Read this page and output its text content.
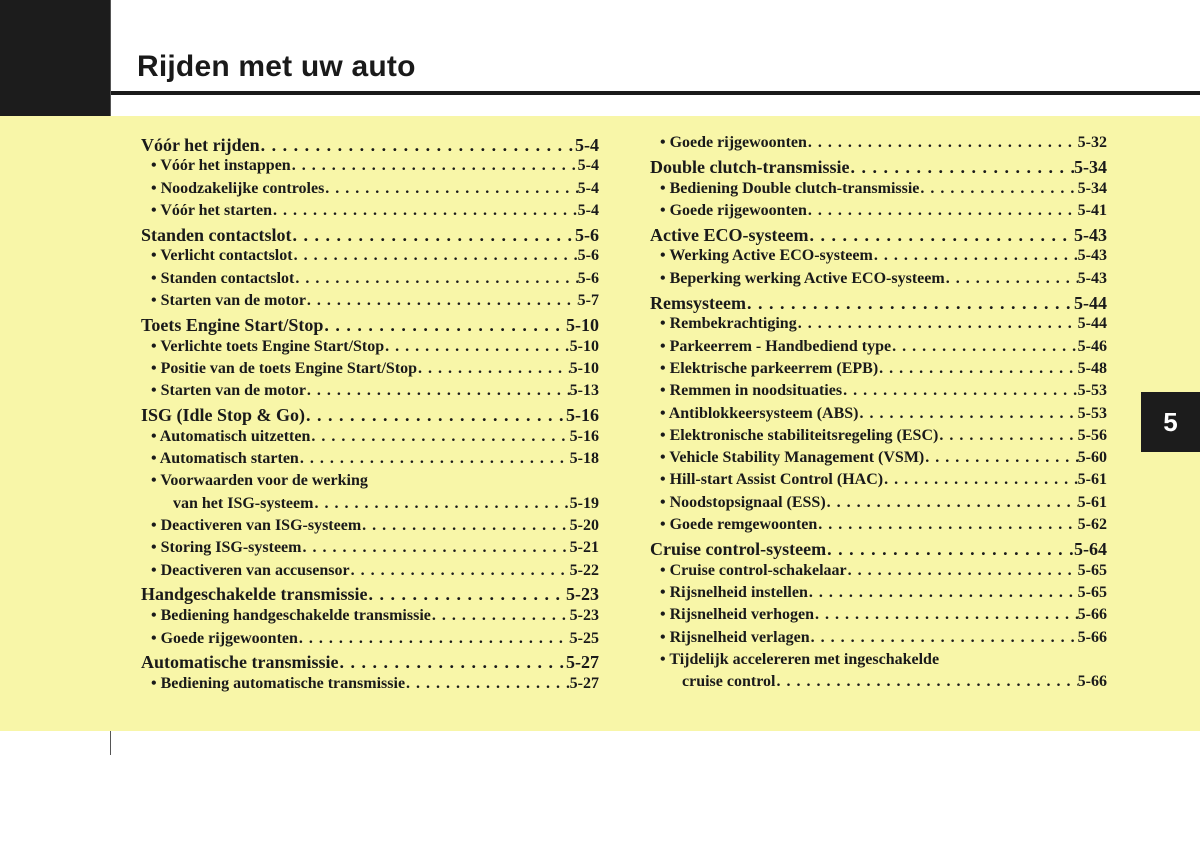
Rijden met uw auto
5
Vóór het rijden . . .	5-4
• Vóór het instappen . . .	5-4
• Noodzakelijke controles . . .	5-4
• Vóór het starten . . .	5-4
Standen contactslot . . .	5-6
• Verlicht contactslot . . .	5-6
• Standen contactslot . . .	5-6
• Starten van de motor . . .	5-7
Toets Engine Start/Stop . . .	5-10
• Verlichte toets Engine Start/Stop . . .	5-10
• Positie van de toets Engine Start/Stop . . .	5-10
• Starten van de motor . . .	5-13
ISG (Idle Stop & Go) . . .	5-16
• Automatisch uitzetten . . .	5-16
• Automatisch starten . . .	5-18
• Voorwaarden voor de werking
van het ISG-systeem . . .	5-19
• Deactiveren van ISG-systeem . . .	5-20
• Storing ISG-systeem . . .	5-21
• Deactiveren van accusensor . . .	5-22
Handgeschakelde transmissie . . .	5-23
• Bediening handgeschakelde transmissie . . .	5-23
• Goede rijgewoonten . . .	5-25
Automatische transmissie . . .	5-27
• Bediening automatische transmissie . . .	5-27
• Goede rijgewoonten . . .	5-32
Double clutch-transmissie . . .	5-34
• Bediening Double clutch-transmissie . . .	5-34
• Goede rijgewoonten . . .	5-41
Active ECO-systeem . . .	5-43
• Werking Active ECO-systeem . . .	5-43
• Beperking werking Active ECO-systeem . . .	5-43
Remsysteem . . .	5-44
• Rembekrachtiging . . .	5-44
• Parkeerrem - Handbediend type . . .	5-46
• Elektrische parkeerrem (EPB) . . .	5-48
• Remmen in noodsituaties . . .	5-53
• Antiblokkeersysteem (ABS) . . .	5-53
• Elektronische stabiliteitsregeling (ESC) . . .	5-56
• Vehicle Stability Management (VSM) . . .	5-60
• Hill-start Assist Control (HAC) . . .	5-61
• Noodstopsignaal (ESS) . . .	5-61
• Goede remgewoonten . . .	5-62
Cruise control-systeem . . .	5-64
• Cruise control-schakelaar . . .	5-65
• Rijsnelheid instellen . . .	5-65
• Rijsnelheid verhogen . . .	5-66
• Rijsnelheid verlagen . . .	5-66
• Tijdelijk accelereren met ingeschakelde
cruise control . . .	5-66
